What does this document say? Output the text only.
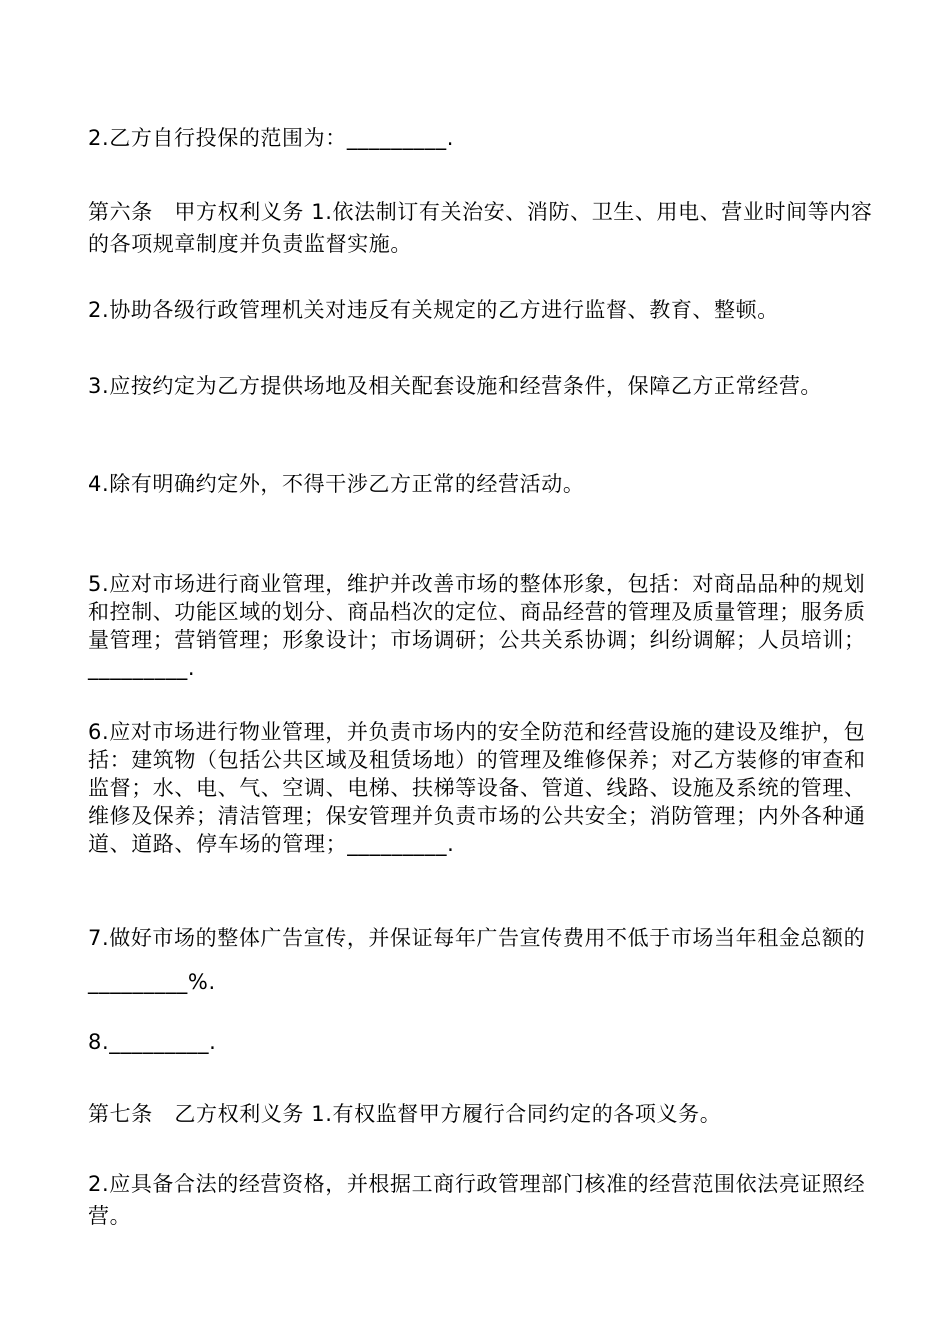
2.乙方自行投保的范围为：_________.

第六条　甲方权利义务 1.依法制订有关治安、消防、卫生、用电、营业时间等内容的各项规章制度并负责监督实施。

2.协助各级行政管理机关对违反有关规定的乙方进行监督、教育、整顿。

3.应按约定为乙方提供场地及相关配套设施和经营条件，保障乙方正常经营。

4.除有明确约定外，不得干涉乙方正常的经营活动。

5.应对市场进行商业管理，维护并改善市场的整体形象，包括：对商品品种的规划和控制、功能区域的划分、商品档次的定位、商品经营的管理及质量管理；服务质量管理；营销管理；形象设计；市场调研；公共关系协调；纠纷调解；人员培训；_________.

6.应对市场进行物业管理，并负责市场内的安全防范和经营设施的建设及维护，包括：建筑物（包括公共区域及租赁场地）的管理及维修保养；对乙方装修的审查和监督；水、电、气、空调、电梯、扶梯等设备、管道、线路、设施及系统的管理、维修及保养；清洁管理；保安管理并负责市场的公共安全；消防管理；内外各种通道、道路、停车场的管理；_________.

7.做好市场的整体广告宣传，并保证每年广告宣传费用不低于市场当年租金总额的_________%.

8._________.

第七条　乙方权利义务 1.有权监督甲方履行合同约定的各项义务。

2.应具备合法的经营资格，并根据工商行政管理部门核准的经营范围依法亮证照经营。
